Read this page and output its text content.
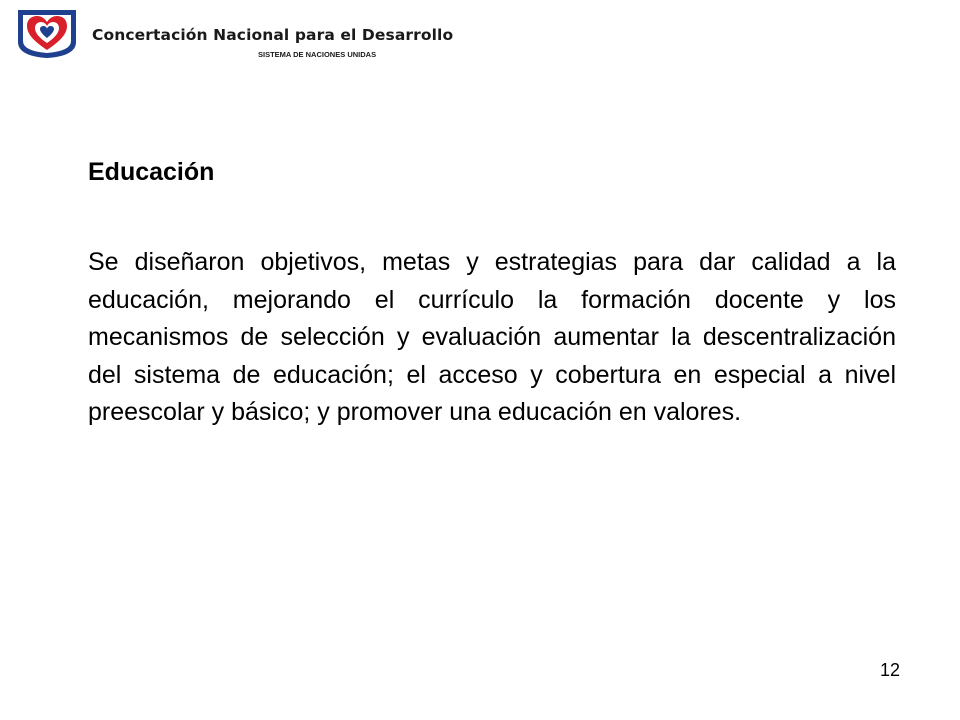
Concertación Nacional para el Desarrollo
SISTEMA DE NACIONES UNIDAS
Educación

Se diseñaron objetivos, metas y estrategias para dar calidad a la educación, mejorando el currículo la formación docente y los mecanismos de selección y evaluación aumentar la descentralización del sistema de educación; el acceso y cobertura en especial a nivel preescolar y básico; y promover una educación en valores.

12
